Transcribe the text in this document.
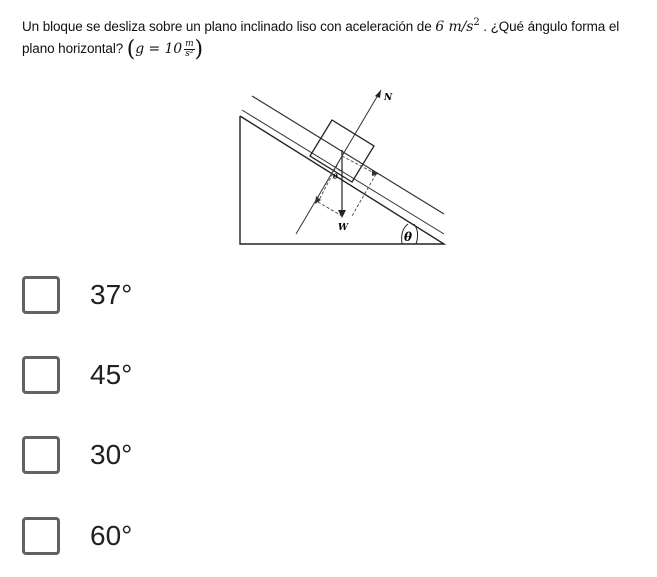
Un bloque se desliza sobre un plano inclinado liso con aceleración de 6 $m/s^2$ . ¿Qué ángulo forma el plano horizontal? ($g = 10 \frac{m}{\text{s²}}$ )
N
W
θ
θ
37°
45°
30°
60°
